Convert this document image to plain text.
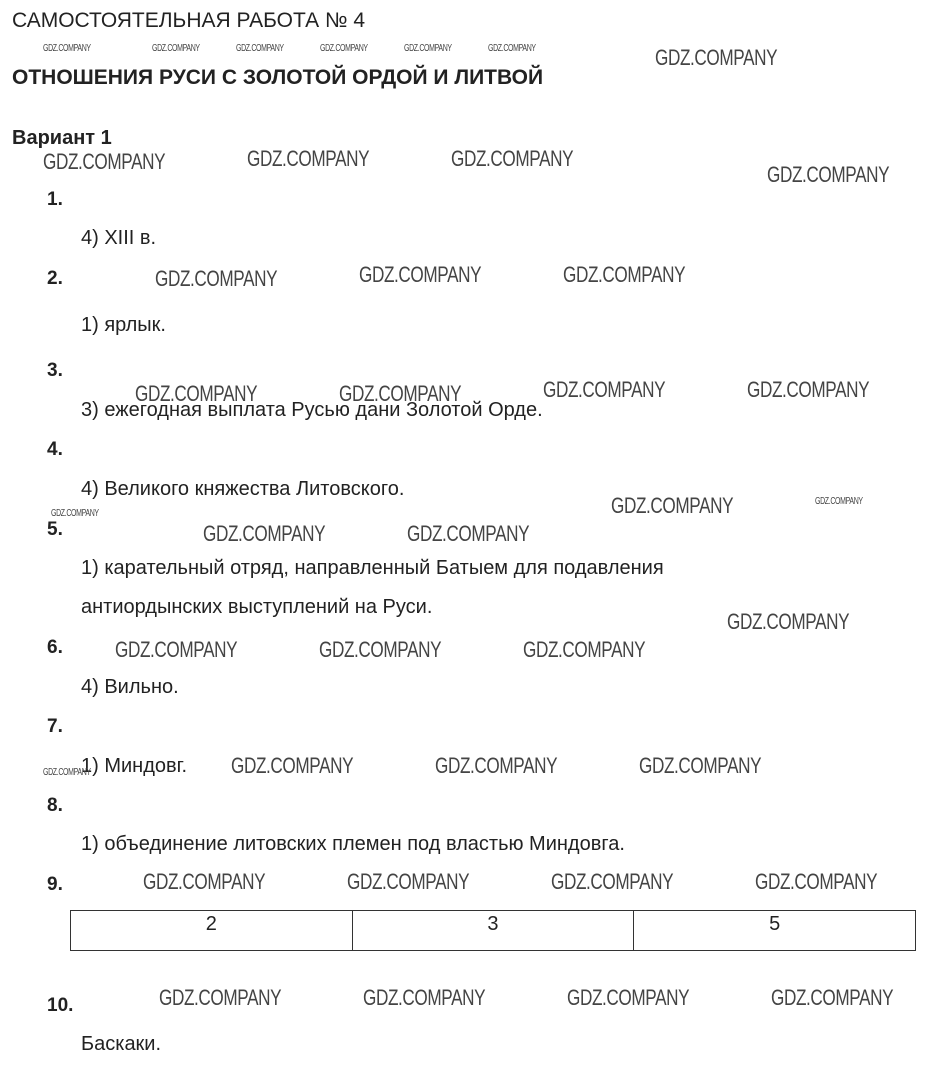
САМОСТОЯТЕЛЬНАЯ РАБОТА № 4
ОТНОШЕНИЯ РУСИ С ЗОЛОТОЙ ОРДОЙ И ЛИТВОЙ
Вариант 1
1.
4) XIII в.
2.
1) ярлык.
3.
3) ежегодная выплата Русью дани Золотой Орде.
4.
4) Великого княжества Литовского.
5.
1) карательный отряд, направленный Батыем для подавления
антиордынских выступлений на Руси.
6.
4) Вильно.
7.
1) Миндовг.
8.
1) объединение литовских племен под властью Миндовга.
9.
2	3	5
10.
Баскаки.
GDZ.COMPANY	GDZ.COMPANY	GDZ.COMPANY	GDZ.COMPANY	GDZ.COMPANY	GDZ.COMPANY	GDZ.COMPANY
GDZ.COMPANY	GDZ.COMPANY	GDZ.COMPANY
GDZ.COMPANY
GDZ.COMPANY	GDZ.COMPANY	GDZ.COMPANY
GDZ.COMPANY	GDZ.COMPANY	GDZ.COMPANY	GDZ.COMPANY
GDZ.COMPANY	GDZ.COMPANY
GDZ.COMPANY
GDZ.COMPANY	GDZ.COMPANY
GDZ.COMPANY
GDZ.COMPANY	GDZ.COMPANY	GDZ.COMPANY
GDZ.COMPANY	GDZ.COMPANY	GDZ.COMPANY	GDZ.COMPANY
GDZ.COMPANY	GDZ.COMPANY	GDZ.COMPANY	GDZ.COMPANY
GDZ.COMPANY	GDZ.COMPANY	GDZ.COMPANY	GDZ.COMPANY
